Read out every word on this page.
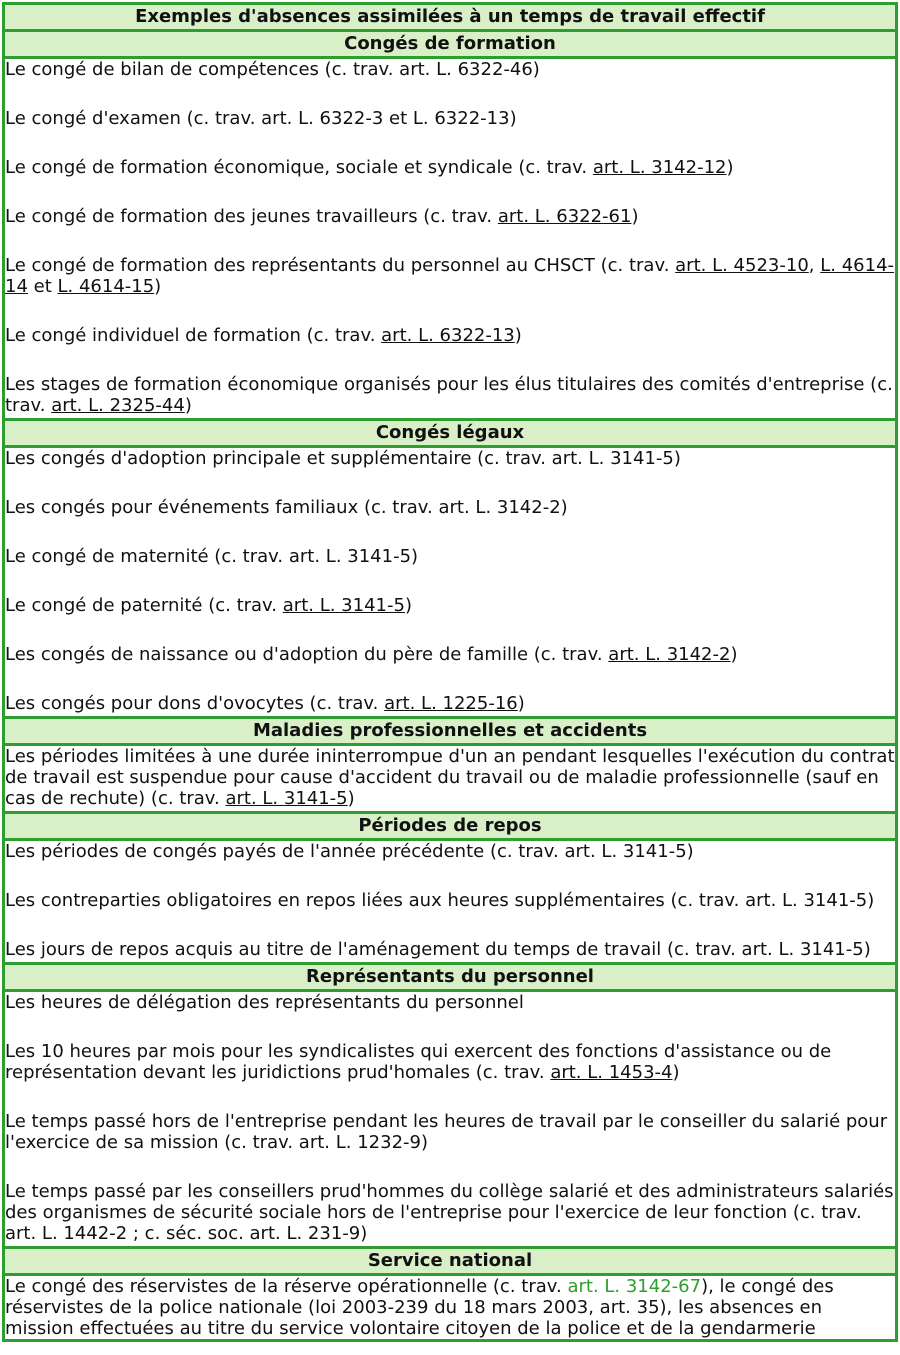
Exemples d'absences assimilées à un temps de travail effectif
Congés de formation

Le congé de bilan de compétences (c. trav. art. L. 6322-46)
Le congé d'examen (c. trav. art. L. 6322-3 et L. 6322-13)
Le congé de formation économique, sociale et syndicale (c. trav. art. L. 3142-12)
Le congé de formation des jeunes travailleurs (c. trav. art. L. 6322-61)
Le congé de formation des représentants du personnel au CHSCT (c. trav. art. L. 4523-10, L. 4614-14 et L. 4614-15)
Le congé individuel de formation (c. trav. art. L. 6322-13)
Les stages de formation économique organisés pour les élus titulaires des comités d'entreprise (c. trav. art. L. 2325-44)

Congés légaux

Les congés d'adoption principale et supplémentaire (c. trav. art. L. 3141-5)
Les congés pour événements familiaux (c. trav. art. L. 3142-2)
Le congé de maternité (c. trav. art. L. 3141-5)
Le congé de paternité (c. trav. art. L. 3141-5)
Les congés de naissance ou d'adoption du père de famille (c. trav. art. L. 3142-2)
Les congés pour dons d'ovocytes (c. trav. art. L. 1225-16)

Maladies professionnelles et accidents

Les périodes limitées à une durée ininterrompue d'un an pendant lesquelles l'exécution du contrat de travail est suspendue pour cause d'accident du travail ou de maladie professionnelle (sauf en cas de rechute) (c. trav. art. L. 3141-5)

Périodes de repos

Les périodes de congés payés de l'année précédente (c. trav. art. L. 3141-5)
Les contreparties obligatoires en repos liées aux heures supplémentaires (c. trav. art. L. 3141-5)
Les jours de repos acquis au titre de l'aménagement du temps de travail (c. trav. art. L. 3141-5)

Représentants du personnel

Les heures de délégation des représentants du personnel
Les 10 heures par mois pour les syndicalistes qui exercent des fonctions d'assistance ou de représentation devant les juridictions prud'homales (c. trav. art. L. 1453-4)
Le temps passé hors de l'entreprise pendant les heures de travail par le conseiller du salarié pour l'exercice de sa mission (c. trav. art. L. 1232-9)
Le temps passé par les conseillers prud'hommes du collège salarié et des administrateurs salariés des organismes de sécurité sociale hors de l'entreprise pour l'exercice de leur fonction (c. trav. art. L. 1442-2 ; c. séc. soc. art. L. 231-9)

Service national

Le congé des réservistes de la réserve opérationnelle (c. trav. art. L. 3142-67), le congé des réservistes de la police nationale (loi 2003-239 du 18 mars 2003, art. 35), les absences en mission effectuées au titre du service volontaire citoyen de la police et de la gendarmerie
